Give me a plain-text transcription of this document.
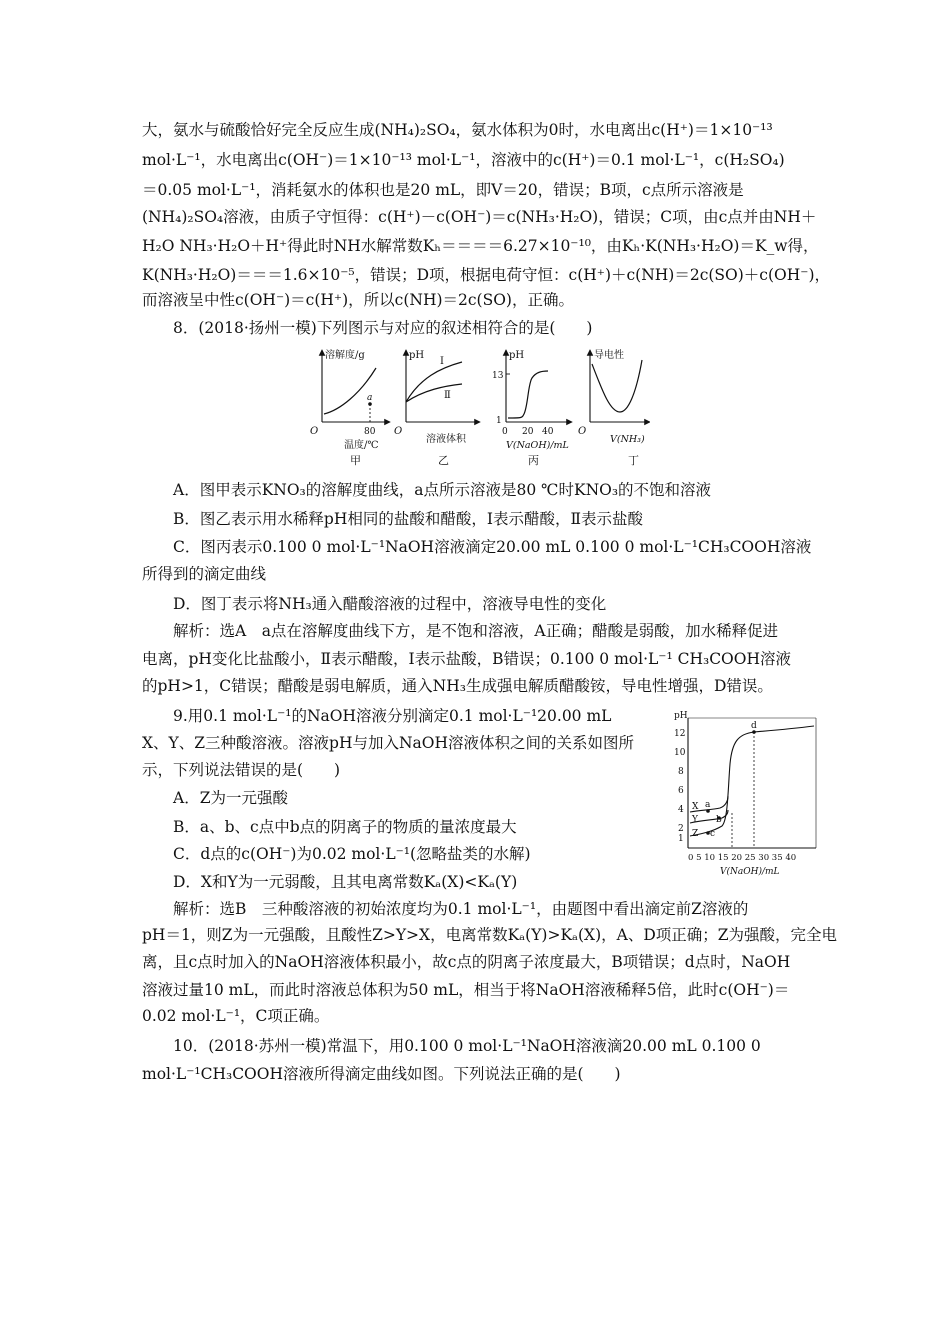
大，氨水与硫酸恰好完全反应生成(NH₄)₂SO₄，氨水体积为0时，水电离出c(H⁺)＝1×10⁻¹³
mol·L⁻¹，水电离出c(OH⁻)＝1×10⁻¹³ mol·L⁻¹，溶液中的c(H⁺)＝0.1 mol·L⁻¹，c(H₂SO₄)
＝0.05 mol·L⁻¹，消耗氨水的体积也是20 mL，即V＝20，错误；B项，c点所示溶液是
(NH₄)₂SO₄溶液，由质子守恒得：c(H⁺)－c(OH⁻)＝c(NH₃·H₂O)，错误；C项，由c点并由NH＋
H₂O NH₃·H₂O＋H⁺得此时NH水解常数Kₕ＝＝＝＝6.27×10⁻¹⁰，由Kₕ·K(NH₃·H₂O)＝K_w得，
K(NH₃·H₂O)＝＝＝1.6×10⁻⁵，错误；D项，根据电荷守恒：c(H⁺)＋c(NH)＝2c(SO)＋c(OH⁻)，
而溶液呈中性c(OH⁻)＝c(H⁺)，所以c(NH)＝2c(SO)，正确。
8．(2018·扬州一模)下列图示与对应的叙述相符合的是(　　)
溶解度/g
O
a
80
温度/℃
甲
pH
O
Ⅰ
Ⅱ
溶液体积
乙
pH
13
1
0 20 40
V(NaOH)/mL
丙
导电性
O
V(NH₃)
丁
A．图甲表示KNO₃的溶解度曲线，a点所示溶液是80 ℃时KNO₃的不饱和溶液
B．图乙表示用水稀释pH相同的盐酸和醋酸，Ⅰ表示醋酸，Ⅱ表示盐酸
C．图丙表示0.100 0 mol·L⁻¹NaOH溶液滴定20.00 mL 0.100 0 mol·L⁻¹CH₃COOH溶液
所得到的滴定曲线
D．图丁表示将NH₃通入醋酸溶液的过程中，溶液导电性的变化
解析：选A　a点在溶解度曲线下方，是不饱和溶液，A正确；醋酸是弱酸，加水稀释促进
电离，pH变化比盐酸小，Ⅱ表示醋酸，Ⅰ表示盐酸，B错误；0.100 0 mol·L⁻¹ CH₃COOH溶液
的pH>1，C错误；醋酸是弱电解质，通入NH₃生成强电解质醋酸铵，导电性增强，D错误。
9.用0.1 mol·L⁻¹的NaOH溶液分别滴定0.1 mol·L⁻¹20.00 mL
X、Y、Z三种酸溶液。溶液pH与加入NaOH溶液体积之间的关系如图所
示，下列说法错误的是(　　)
A．Z为一元强酸
B．a、b、c点中b点的阴离子的物质的量浓度最大
C．d点的c(OH⁻)为0.02 mol·L⁻¹(忽略盐类的水解)
D．X和Y为一元弱酸，且其电离常数Kₐ(X)<Kₐ(Y)
解析：选B　三种酸溶液的初始浓度均为0.1 mol·L⁻¹，由题图中看出滴定前Z溶液的
pH＝1，则Z为一元强酸，且酸性Z>Y>X，电离常数Kₐ(Y)>Kₐ(X)，A、D项正确；Z为强酸，完全电
离，且c点时加入的NaOH溶液体积最小，故c点的阴离子浓度最大，B项错误；d点时，NaOH
溶液过量10 mL，而此时溶液总体积为50 mL，相当于将NaOH溶液稀释5倍，此时c(OH⁻)＝
0.02 mol·L⁻¹，C项正确。
10．(2018·苏州一模)常温下，用0.100 0 mol·L⁻¹NaOH溶液滴20.00 mL 0.100 0
mol·L⁻¹CH₃COOH溶液所得滴定曲线如图。下列说法正确的是(　　)
pH
12
10
8
6
4
2
1
a
b
c
d
X
Y
Z
0 5 10 15 20 25 30 35 40
V(NaOH)/mL
